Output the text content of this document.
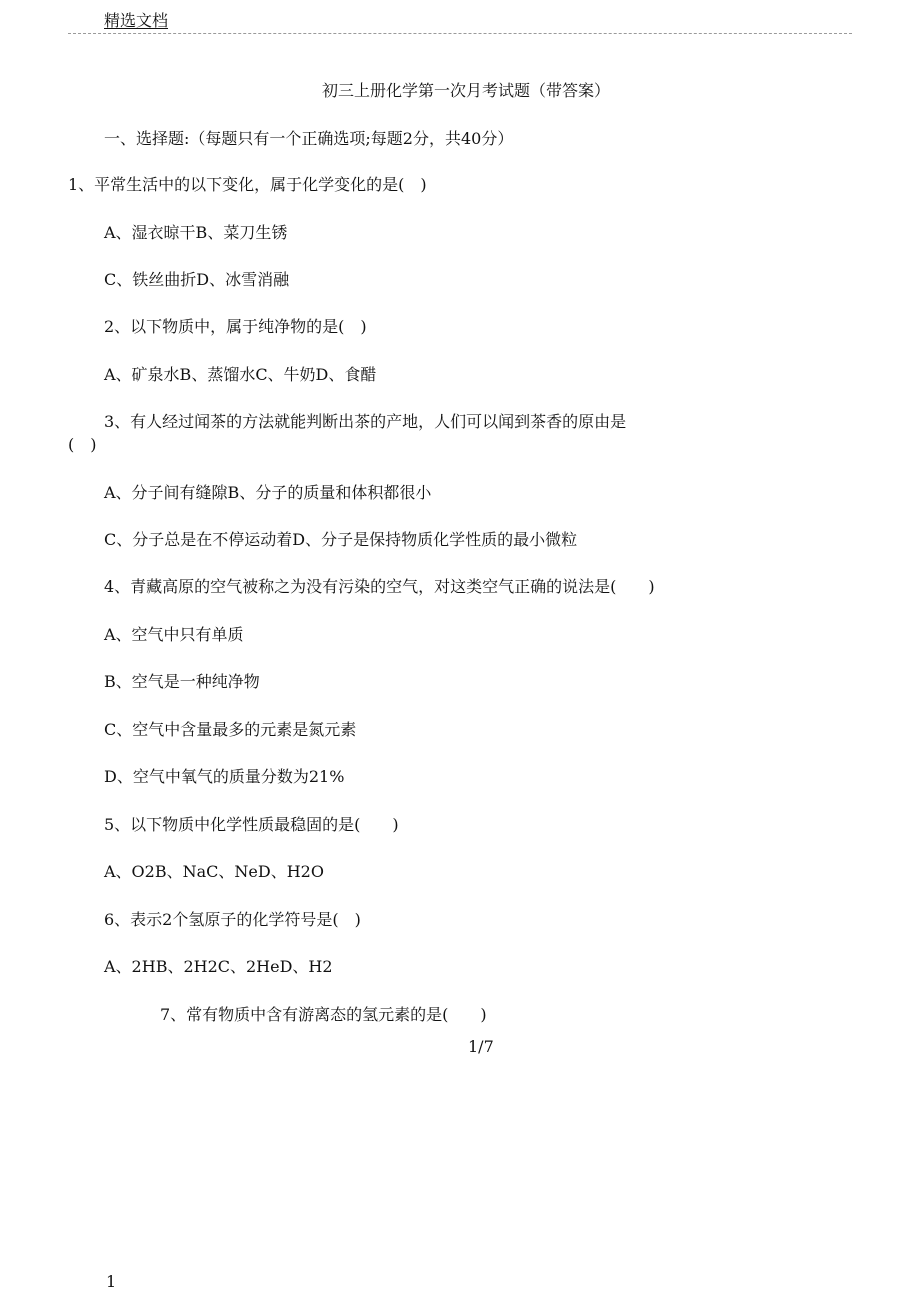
精选文档
初三上册化学第一次月考试题（带答案）
一、选择题:（每题只有一个正确选项;每题2分，共40分）
1、平常生活中的以下变化，属于化学变化的是(　)
A、湿衣晾干B、菜刀生锈
C、铁丝曲折D、冰雪消融
2、以下物质中，属于纯净物的是(　)
A、矿泉水B、蒸馏水C、牛奶D、食醋
3、有人经过闻茶的方法就能判断出茶的产地，人们可以闻到茶香的原由是
(　)
A、分子间有缝隙B、分子的质量和体积都很小
C、分子总是在不停运动着D、分子是保持物质化学性质的最小微粒
4、青藏高原的空气被称之为没有污染的空气，对这类空气正确的说法是(　　)
A、空气中只有单质
B、空气是一种纯净物
C、空气中含量最多的元素是氮元素
D、空气中氧气的质量分数为21%
5、以下物质中化学性质最稳固的是(　　)
A、O2B、NaC、NeD、H2O
6、表示2个氢原子的化学符号是(　)
A、2HB、2H2C、2HeD、H2
7、常有物质中含有游离态的氢元素的是(　　)
1/7
1
